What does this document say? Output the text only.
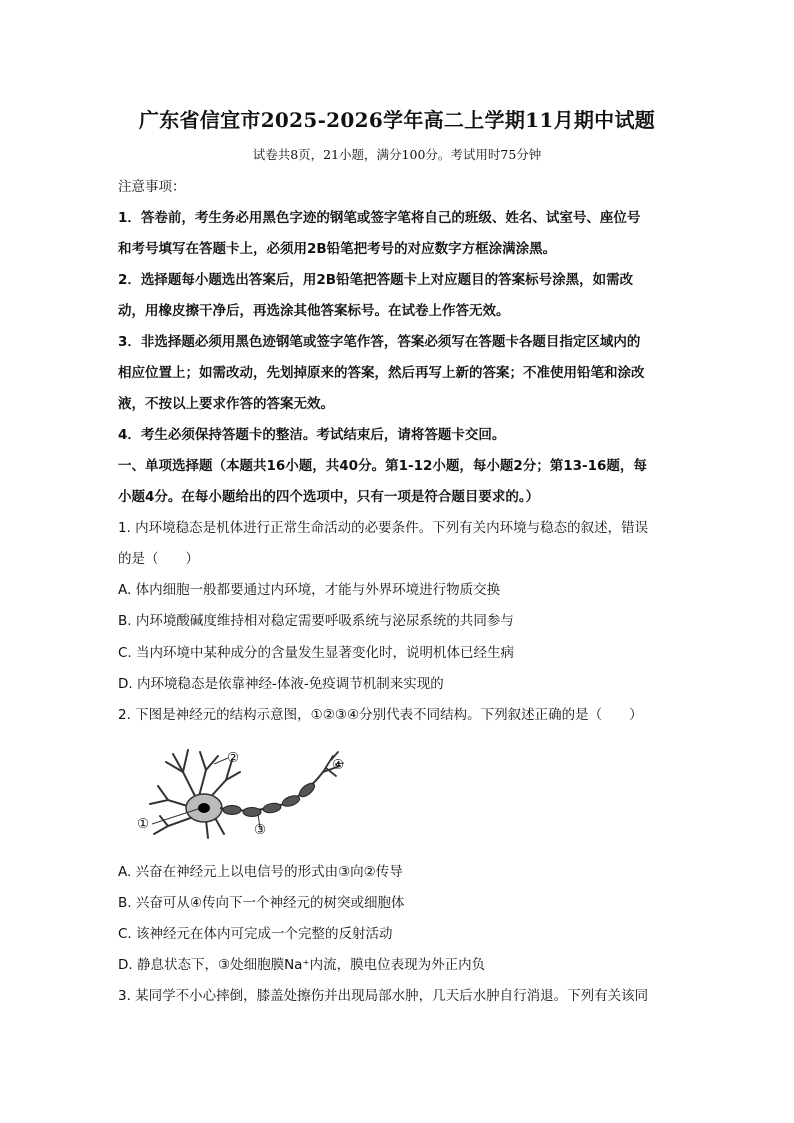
广东省信宜市2025-2026学年高二上学期11月期中试题
试卷共8页，21小题，满分100分。考试用时75分钟
注意事项：
1．答卷前，考生务必用黑色字迹的钢笔或签字笔将自己的班级、姓名、试室号、座位号
和考号填写在答题卡上，必须用2B铅笔把考号的对应数字方框涂满涂黑。
2．选择题每小题选出答案后，用2B铅笔把答题卡上对应题目的答案标号涂黑，如需改
动，用橡皮擦干净后，再选涂其他答案标号。在试卷上作答无效。
3．非选择题必须用黑色迹钢笔或签字笔作答，答案必须写在答题卡各题目指定区域内的
相应位置上；如需改动，先划掉原来的答案，然后再写上新的答案；不准使用铅笔和涂改
液，不按以上要求作答的答案无效。
4．考生必须保持答题卡的整洁。考试结束后，请将答题卡交回。
一、单项选择题（本题共16小题，共40分。第1-12小题，每小题2分；第13-16题，每
小题4分。在每小题给出的四个选项中，只有一项是符合题目要求的。）
1. 内环境稳态是机体进行正常生命活动的必要条件。下列有关内环境与稳态的叙述，错误
的是（　　）
A. 体内细胞一般都要通过内环境，才能与外界环境进行物质交换
B. 内环境酸碱度维持相对稳定需要呼吸系统与泌尿系统的共同参与
C. 当内环境中某种成分的含量发生显著变化时，说明机体已经生病
D. 内环境稳态是依靠神经-体液-免疫调节机制来实现的
2. 下图是神经元的结构示意图，①②③④分别代表不同结构。下列叙述正确的是（　　）
①
②
③
④
A. 兴奋在神经元上以电信号的形式由③向②传导
B. 兴奋可从④传向下一个神经元的树突或细胞体
C. 该神经元在体内可完成一个完整的反射活动
D. 静息状态下，③处细胞膜Na⁺内流，膜电位表现为外正内负
3. 某同学不小心摔倒，膝盖处擦伤并出现局部水肿，几天后水肿自行消退。下列有关该同
